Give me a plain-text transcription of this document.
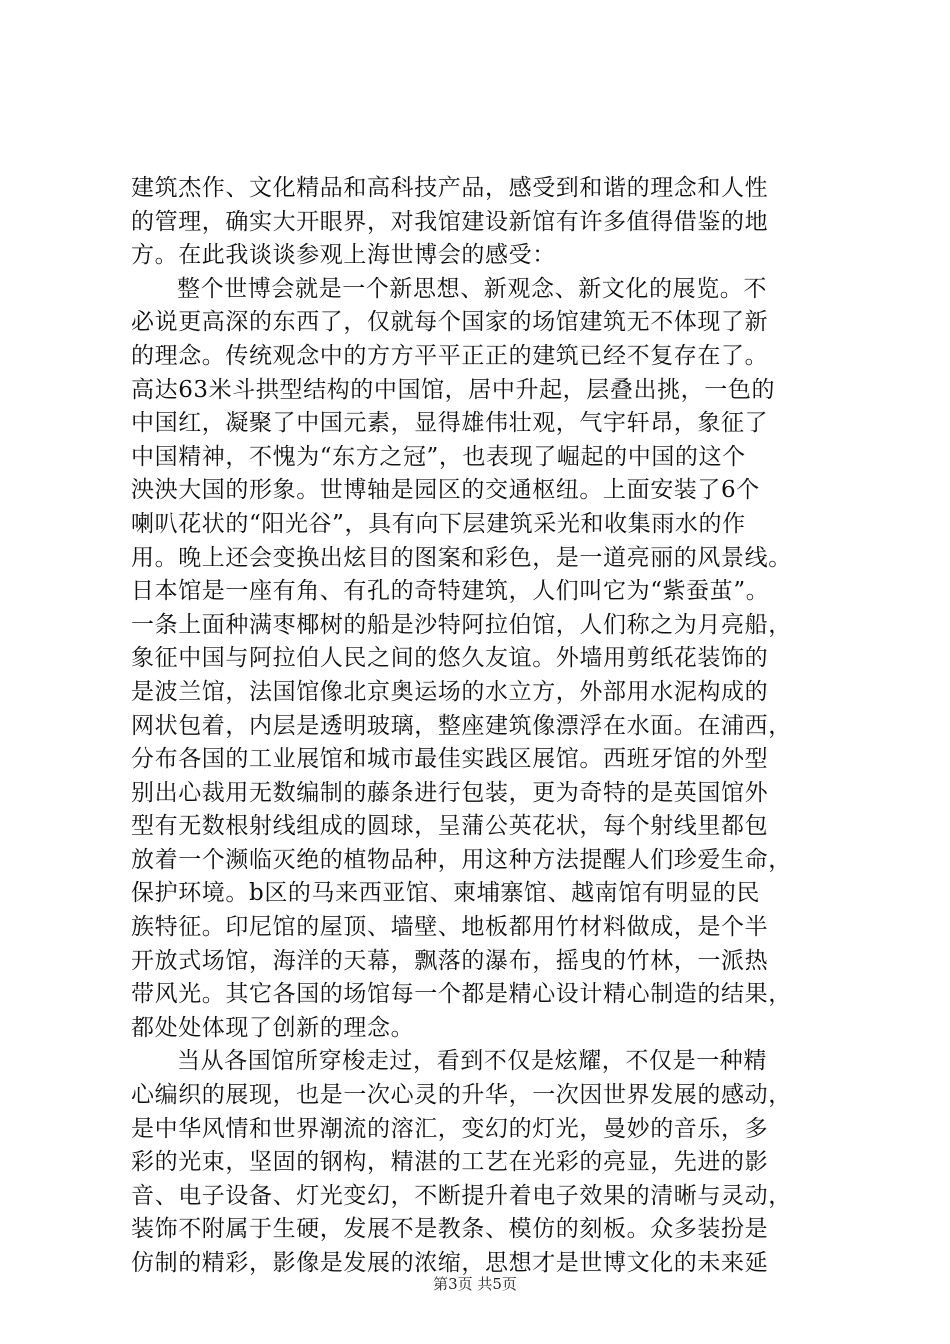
建筑杰作、文化精品和高科技产品，感受到和谐的理念和人性
的管理，确实大开眼界，对我馆建设新馆有许多值得借鉴的地
方。在此我谈谈参观上海世博会的感受：
整个世博会就是一个新思想、新观念、新文化的展览。不
必说更高深的东西了，仅就每个国家的场馆建筑无不体现了新
的理念。传统观念中的方方平平正正的建筑已经不复存在了。
高达63米斗拱型结构的中国馆，居中升起，层叠出挑，一色的
中国红，凝聚了中国元素，显得雄伟壮观，气宇轩昂，象征了
中国精神，不愧为“东方之冠”，也表现了崛起的中国的这个
泱泱大国的形象。世博轴是园区的交通枢纽。上面安装了6个
喇叭花状的“阳光谷”，具有向下层建筑采光和收集雨水的作
用。晚上还会变换出炫目的图案和彩色，是一道亮丽的风景线。
日本馆是一座有角、有孔的奇特建筑，人们叫它为“紫蚕茧”。
一条上面种满枣椰树的船是沙特阿拉伯馆，人们称之为月亮船，
象征中国与阿拉伯人民之间的悠久友谊。外墙用剪纸花装饰的
是波兰馆，法国馆像北京奥运场的水立方，外部用水泥构成的
网状包着，内层是透明玻璃，整座建筑像漂浮在水面。在浦西，
分布各国的工业展馆和城市最佳实践区展馆。西班牙馆的外型
别出心裁用无数编制的藤条进行包装，更为奇特的是英国馆外
型有无数根射线组成的圆球，呈蒲公英花状，每个射线里都包
放着一个濒临灭绝的植物品种，用这种方法提醒人们珍爱生命，
保护环境。b区的马来西亚馆、柬埔寨馆、越南馆有明显的民
族特征。印尼馆的屋顶、墙壁、地板都用竹材料做成，是个半
开放式场馆，海洋的天幕，飘落的瀑布，摇曳的竹林，一派热
带风光。其它各国的场馆每一个都是精心设计精心制造的结果，
都处处体现了创新的理念。
当从各国馆所穿梭走过，看到不仅是炫耀，不仅是一种精
心编织的展现，也是一次心灵的升华，一次因世界发展的感动，
是中华风情和世界潮流的溶汇，变幻的灯光，曼妙的音乐，多
彩的光束，坚固的钢构，精湛的工艺在光彩的亮显，先进的影
音、电子设备、灯光变幻，不断提升着电子效果的清晰与灵动，
装饰不附属于生硬，发展不是教条、模仿的刻板。众多装扮是
仿制的精彩，影像是发展的浓缩，思想才是世博文化的未来延
第3页 共5页
